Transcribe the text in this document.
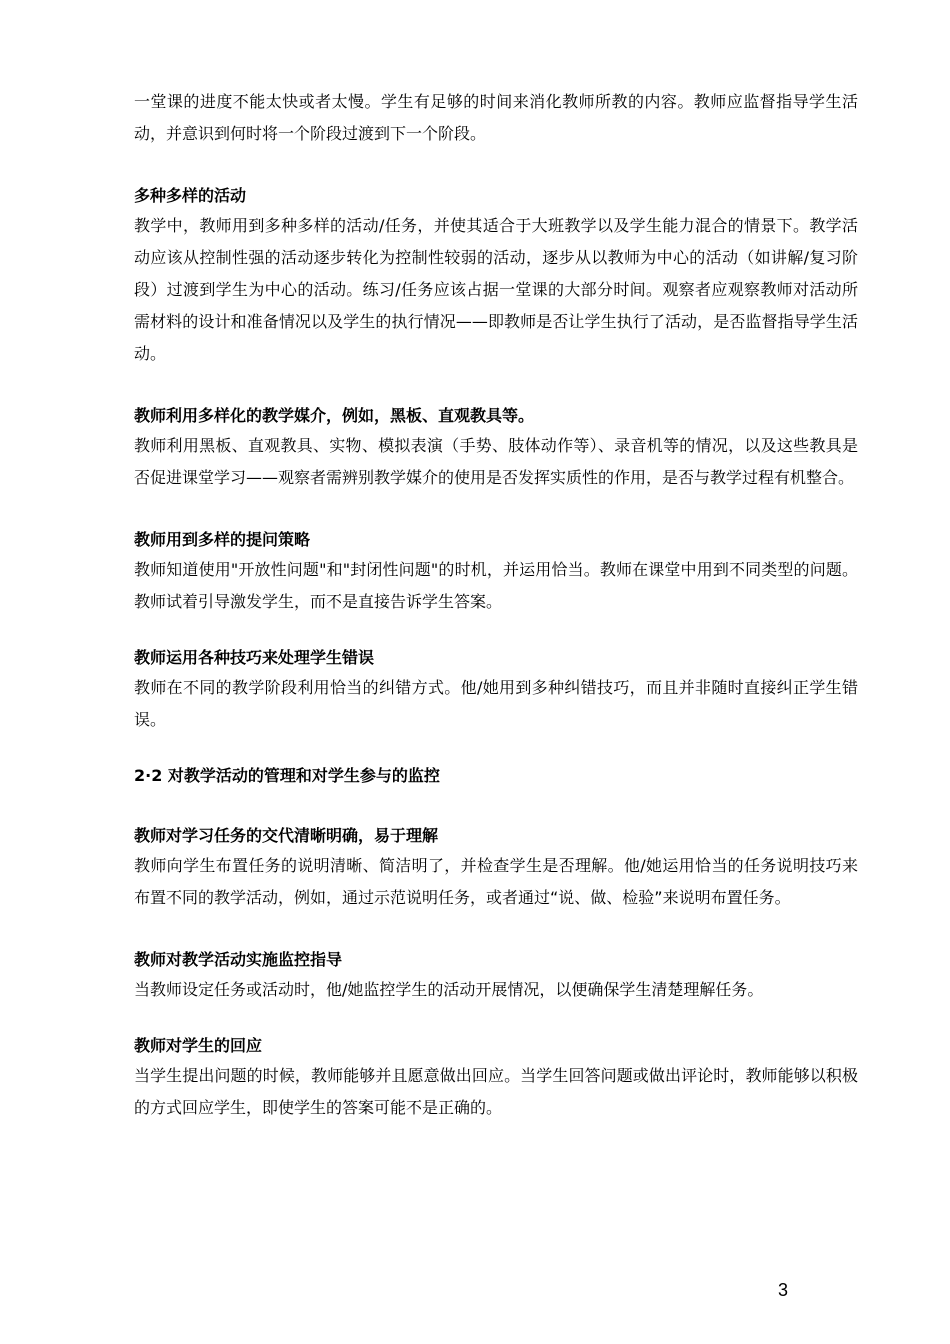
一堂课的进度不能太快或者太慢。学生有足够的时间来消化教师所教的内容。教师应监督指导学生活动，并意识到何时将一个阶段过渡到下一个阶段。

多种多样的活动

教学中，教师用到多种多样的活动/任务，并使其适合于大班教学以及学生能力混合的情景下。教学活动应该从控制性强的活动逐步转化为控制性较弱的活动，逐步从以教师为中心的活动（如讲解/复习阶段）过渡到学生为中心的活动。练习/任务应该占据一堂课的大部分时间。观察者应观察教师对活动所需材料的设计和准备情况以及学生的执行情况——即教师是否让学生执行了活动，是否监督指导学生活动。

教师利用多样化的教学媒介，例如，黑板、直观教具等。

教师利用黑板、直观教具、实物、模拟表演（手势、肢体动作等）、录音机等的情况，以及这些教具是否促进课堂学习——观察者需辨别教学媒介的使用是否发挥实质性的作用，是否与教学过程有机整合。

教师用到多样的提问策略

教师知道使用"开放性问题"和"封闭性问题"的时机，并运用恰当。教师在课堂中用到不同类型的问题。教师试着引导激发学生，而不是直接告诉学生答案。

教师运用各种技巧来处理学生错误

教师在不同的教学阶段利用恰当的纠错方式。他/她用到多种纠错技巧，而且并非随时直接纠正学生错误。

2·2 对教学活动的管理和对学生参与的监控

教师对学习任务的交代清晰明确，易于理解

教师向学生布置任务的说明清晰、简洁明了，并检查学生是否理解。他/她运用恰当的任务说明技巧来布置不同的教学活动，例如，通过示范说明任务，或者通过“说、做、检验”来说明布置任务。

教师对教学活动实施监控指导

当教师设定任务或活动时，他/她监控学生的活动开展情况，以便确保学生清楚理解任务。

教师对学生的回应

当学生提出问题的时候，教师能够并且愿意做出回应。当学生回答问题或做出评论时，教师能够以积极的方式回应学生，即使学生的答案可能不是正确的。

3
